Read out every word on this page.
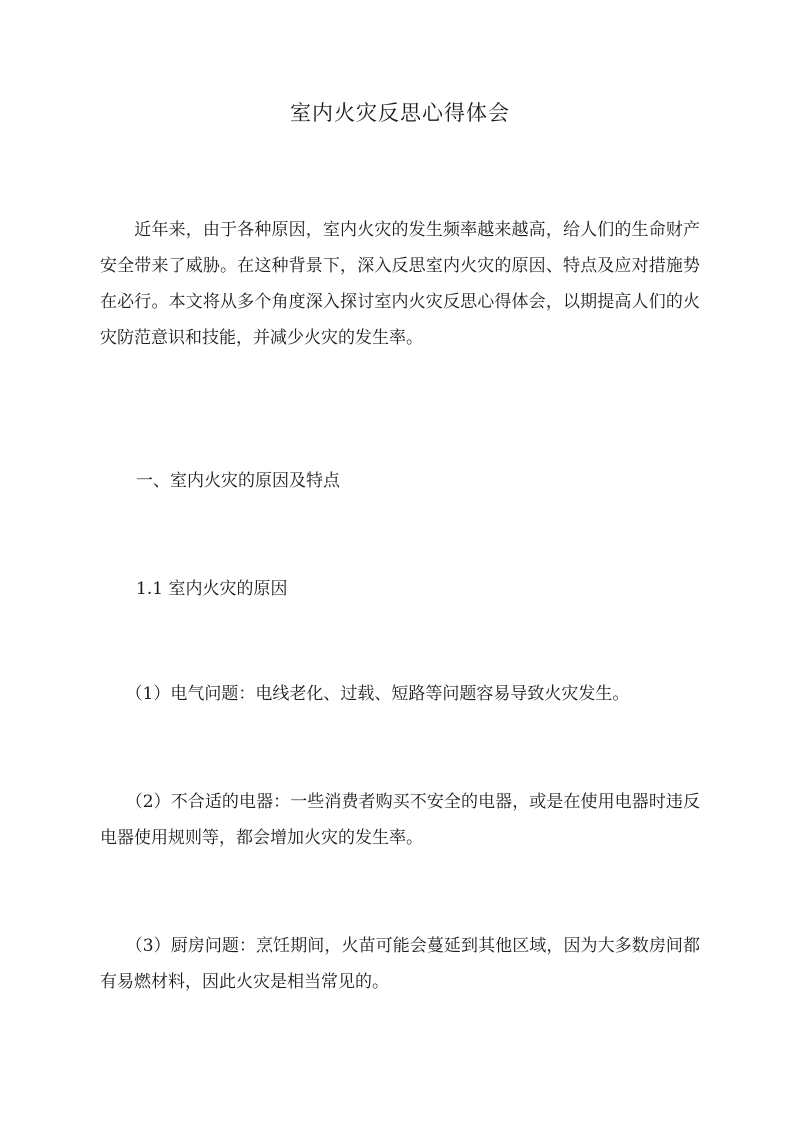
室内火灾反思心得体会

　　近年来，由于各种原因，室内火灾的发生频率越来越高，给人们的生命财产安全带来了威胁。在这种背景下，深入反思室内火灾的原因、特点及应对措施势在必行。本文将从多个角度深入探讨室内火灾反思心得体会，以期提高人们的火灾防范意识和技能，并减少火灾的发生率。

一、室内火灾的原因及特点
1.1 室内火灾的原因

　　（1）电气问题：电线老化、过载、短路等问题容易导致火灾发生。

　　（2）不合适的电器：一些消费者购买不安全的电器，或是在使用电器时违反电器使用规则等，都会增加火灾的发生率。

　　（3）厨房问题：烹饪期间，火苗可能会蔓延到其他区域，因为大多数房间都有易燃材料，因此火灾是相当常见的。
